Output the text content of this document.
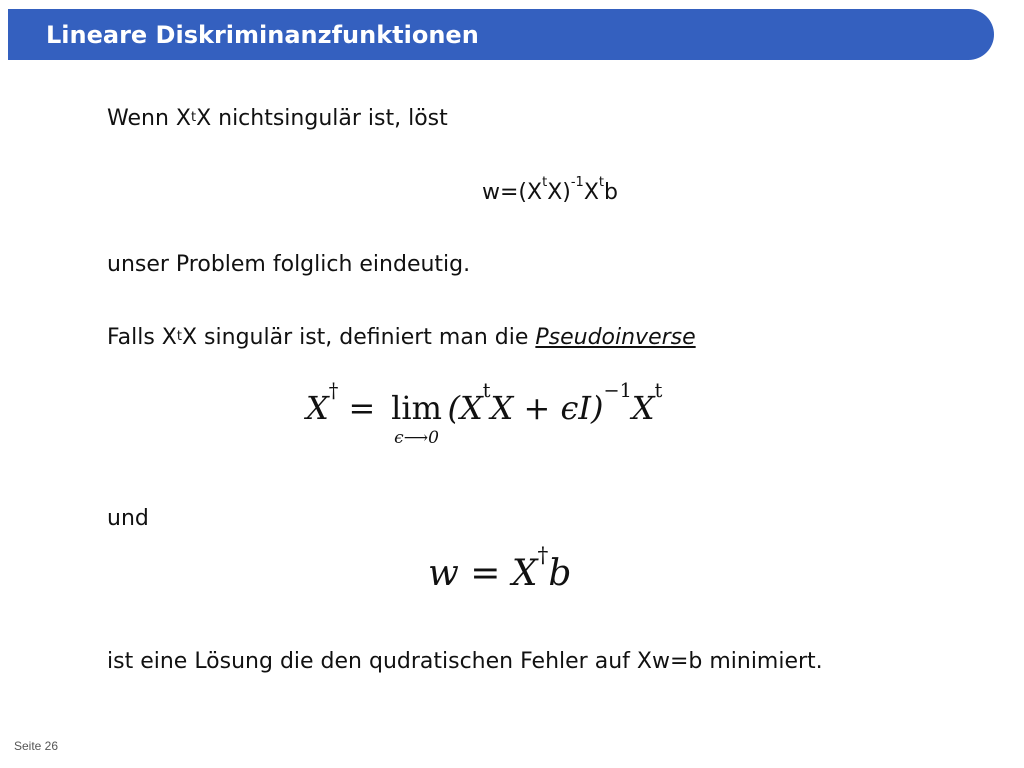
Lineare Diskriminanzfunktionen
Wenn $X^tX$ nichtsingulär ist, löst
$w=(X^tX)^{-1}X^tb$
unser Problem folglich eindeutig.
Falls $X^tX$ singulär ist, definiert man die Pseudoinverse
X† = lim
ϵ⟶0
$(X^tX + \epsilon I)^{-1}X^t$
und
w = X†b
ist eine Lösung die den qudratischen Fehler auf Xw=b minimiert.
Seite 26
